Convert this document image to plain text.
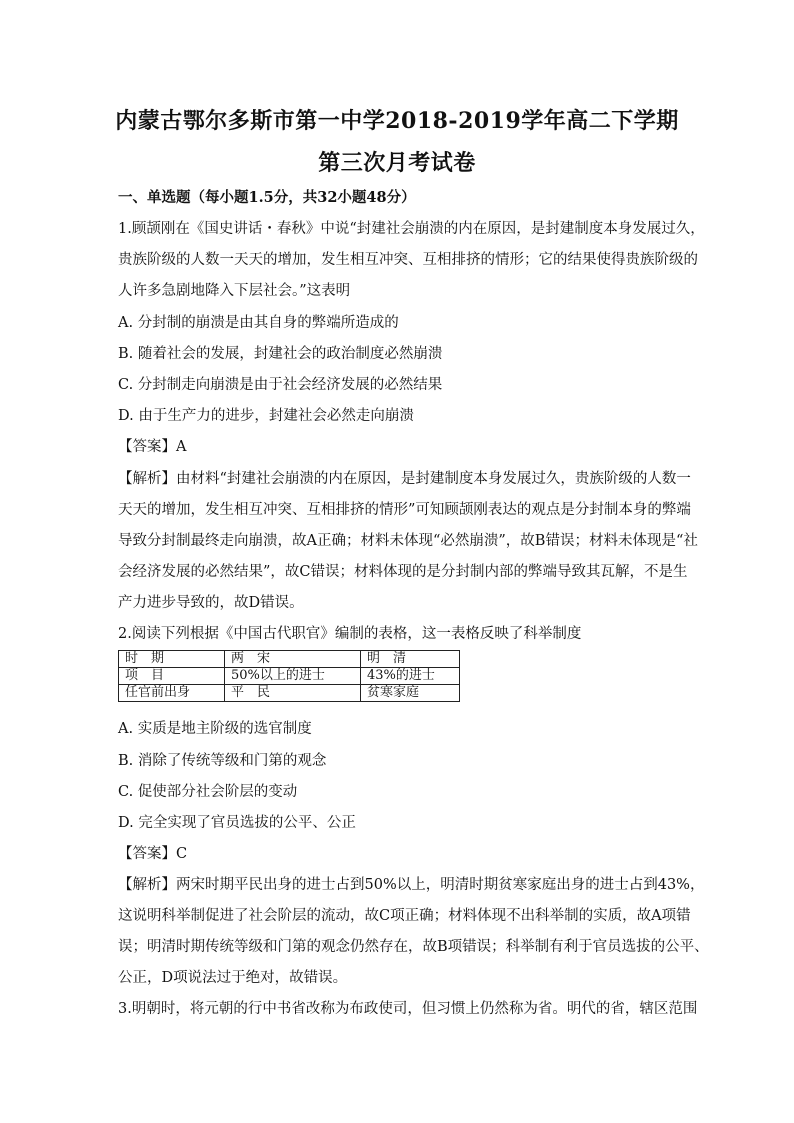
内蒙古鄂尔多斯市第一中学2018-2019学年高二下学期
第三次月考试卷
一、单选题（每小题1.5分，共32小题48分）
1.顾颉刚在《国史讲话・春秋》中说“封建社会崩溃的内在原因，是封建制度本身发展过久，
贵族阶级的人数一天天的增加，发生相互冲突、互相排挤的情形；它的结果使得贵族阶级的
人许多急剧地降入下层社会。”这表明
A. 分封制的崩溃是由其自身的弊端所造成的
B. 随着社会的发展，封建社会的政治制度必然崩溃
C. 分封制走向崩溃是由于社会经济发展的必然结果
D. 由于生产力的进步，封建社会必然走向崩溃
【答案】A
【解析】由材料“封建社会崩溃的内在原因，是封建制度本身发展过久，贵族阶级的人数一
天天的增加，发生相互冲突、互相排挤的情形”可知顾颉刚表达的观点是分封制本身的弊端
导致分封制最终走向崩溃，故A正确；材料未体现“必然崩溃”，故B错误；材料未体现是“社
会经济发展的必然结果”，故C错误；材料体现的是分封制内部的弊端导致其瓦解，不是生
产力进步导致的，故D错误。
2.阅读下列根据《中国古代职官》编制的表格，这一表格反映了科举制度
时　期	两　宋	明　清
项　目	50%以上的进士	43%的进士
任官前出身	平　民	贫寒家庭
A. 实质是地主阶级的选官制度
B. 消除了传统等级和门第的观念
C. 促使部分社会阶层的变动
D. 完全实现了官员选拔的公平、公正
【答案】C
【解析】两宋时期平民出身的进士占到50%以上，明清时期贫寒家庭出身的进士占到43%，
这说明科举制促进了社会阶层的流动，故C项正确；材料体现不出科举制的实质，故A项错
误；明清时期传统等级和门第的观念仍然存在，故B项错误；科举制有利于官员选拔的公平、
公正，D项说法过于绝对，故错误。
3.明朝时，将元朝的行中书省改称为布政使司，但习惯上仍然称为省。明代的省，辖区范围
